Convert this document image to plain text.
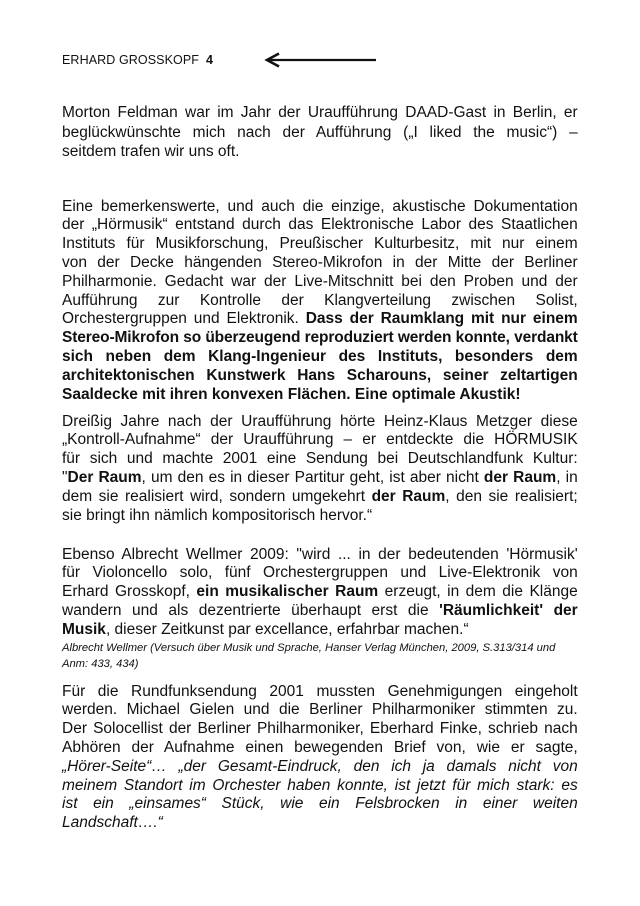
ERHARD GROSSKOPF 4
Morton Feldman war im Jahr der Uraufführung DAAD-Gast in Berlin, er
beglückwünschte mich nach der Aufführung („I liked the music“) –
seitdem trafen wir uns oft.
Eine bemerkenswerte, und auch die einzige, akustische Dokumentation
der „Hörmusik“ entstand durch das Elektronische Labor des Staatlichen
Instituts für Musikforschung, Preußischer Kulturbesitz, mit nur einem
von der Decke hängenden Stereo-Mikrofon in der Mitte der Berliner
Philharmonie. Gedacht war der Live-Mitschnitt bei den Proben und der
Aufführung zur Kontrolle der Klangverteilung zwischen Solist,
Orchestergruppen und Elektronik. Dass der Raumklang mit nur einem
Stereo-Mikrofon so überzeugend reproduziert werden konnte, verdankt
sich neben dem Klang-Ingenieur des Instituts, besonders dem
architektonischen Kunstwerk Hans Scharouns, seiner zeltartigen
Saaldecke mit ihren konvexen Flächen. Eine optimale Akustik!
Dreißig Jahre nach der Uraufführung hörte Heinz-Klaus Metzger diese
„Kontroll-Aufnahme“ der Uraufführung – er entdeckte die HÖRMUSIK
für sich und machte 2001 eine Sendung bei Deutschlandfunk Kultur:
"Der Raum, um den es in dieser Partitur geht, ist aber nicht der Raum, in
dem sie realisiert wird, sondern umgekehrt der Raum, den sie realisiert;
sie bringt ihn nämlich kompositorisch hervor.“
Ebenso Albrecht Wellmer 2009: "wird ... in der bedeutenden 'Hörmusik'
für Violoncello solo, fünf Orchestergruppen und Live-Elektronik von
Erhard Grosskopf, ein musikalischer Raum erzeugt, in dem die Klänge
wandern und als dezentrierte überhaupt erst die 'Räumlichkeit' der
Musik, dieser Zeitkunst par excellance, erfahrbar machen.“
Albrecht Wellmer (Versuch über Musik und Sprache, Hanser Verlag München, 2009, S.313/314 und
Anm: 433, 434)
Für die Rundfunksendung 2001 mussten Genehmigungen eingeholt
werden. Michael Gielen und die Berliner Philharmoniker stimmten zu.
Der Solocellist der Berliner Philharmoniker, Eberhard Finke, schrieb nach
Abhören der Aufnahme einen bewegenden Brief von, wie er sagte,
„Hörer-Seite“… „der Gesamt-Eindruck, den ich ja damals nicht von
meinem Standort im Orchester haben konnte, ist jetzt für mich stark: es
ist ein „einsames“ Stück, wie ein Felsbrocken in einer weiten
Landschaft….“
